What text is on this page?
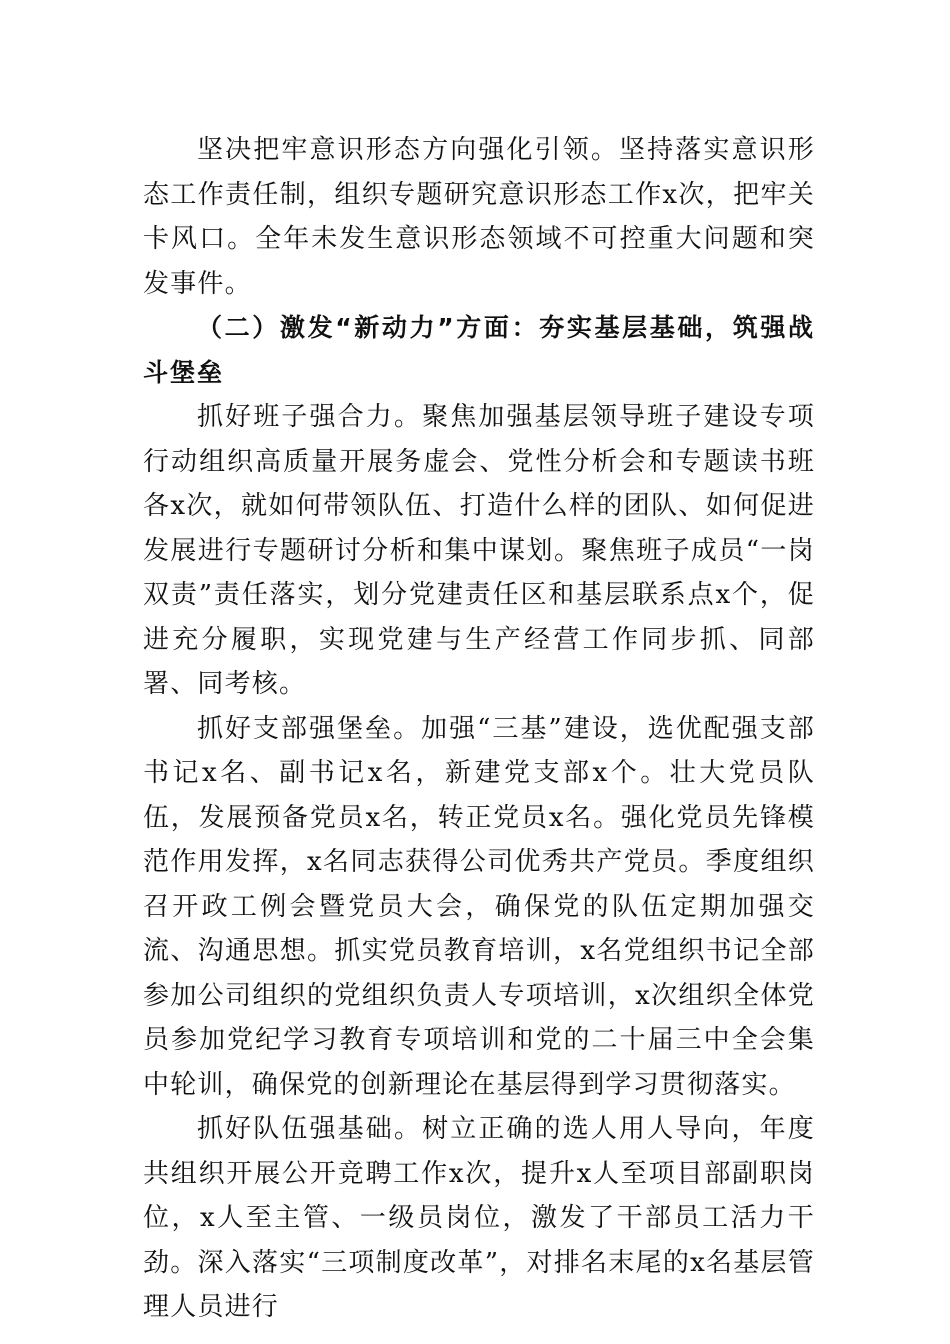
坚决把牢意识形态方向强化引领。坚持落实意识形态工作责任制，组织专题研究意识形态工作x次，把牢关卡风口。全年未发生意识形态领域不可控重大问题和突发事件。

（二）激发“新动力”方面：夯实基层基础，筑强战斗堡垒

抓好班子强合力。聚焦加强基层领导班子建设专项行动组织高质量开展务虚会、党性分析会和专题读书班各x次，就如何带领队伍、打造什么样的团队、如何促进发展进行专题研讨分析和集中谋划。聚焦班子成员“一岗双责”责任落实，划分党建责任区和基层联系点x个，促进充分履职，实现党建与生产经营工作同步抓、同部署、同考核。

抓好支部强堡垒。加强“三基”建设，选优配强支部书记x名、副书记x名，新建党支部x个。壮大党员队伍，发展预备党员x名，转正党员x名。强化党员先锋模范作用发挥，x名同志获得公司优秀共产党员。季度组织召开政工例会暨党员大会，确保党的队伍定期加强交流、沟通思想。抓实党员教育培训，x名党组织书记全部参加公司组织的党组织负责人专项培训，x次组织全体党员参加党纪学习教育专项培训和党的二十届三中全会集中轮训，确保党的创新理论在基层得到学习贯彻落实。

抓好队伍强基础。树立正确的选人用人导向，年度共组织开展公开竞聘工作x次，提升x人至项目部副职岗位，x人至主管、一级员岗位，激发了干部员工活力干劲。深入落实“三项制度改革”，对排名末尾的x名基层管理人员进行
